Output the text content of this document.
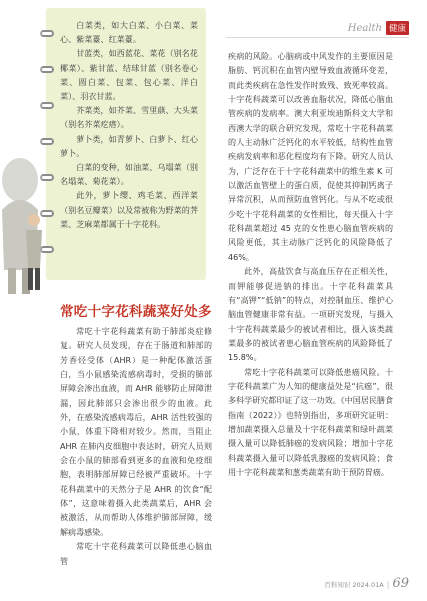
白菜类，如大白菜、小白菜、菜心、紫菜薹、红菜薹。

甘蓝类，如西蓝花、菜花（别名花椰菜）、紫甘蓝、结球甘蓝（别名卷心菜、圆白菜、包菜、包心菜、洋白菜）、羽衣甘蓝。

芥菜类，如芥菜、雪里蕻、大头菜（别名芥菜疙瘩）。

萝卜类，如青萝卜、白萝卜、红心萝卜。

白菜的变种，如油菜、乌塌菜（别名塌菜、菊花菜）。

此外，萝卜缨、鸡毛菜、西洋菜（别名豆瓣菜）以及常被称为野菜的荠菜、芝麻菜都属于十字花科。

Health 健康
常吃十字花科蔬菜好处多

常吃十字花科蔬菜有助于肺部炎症修复。研究人员发现，存在于肠道和肺部的芳香烃受体（AHR）是一种配体激活蛋白，当小鼠感染流感病毒时，受损的肺部屏障会渗出血液，而 AHR 能够防止屏障泄漏，因此肺部只会渗出很少的血液。此外，在感染流感病毒后，AHR 活性较强的小鼠，体重下降相对较少。然而，当阻止 AHR 在肺内皮细胞中表达时，研究人员则会在小鼠的肺部看到更多的血液和免疫细胞，表明肺部屏障已经被严重破坏。十字花科蔬菜中的天然分子是 AHR 的饮食“配体”，这意味着摄入此类蔬菜后，AHR 会被激活，从而帮助人体维护肺部屏障，缓解病毒感染。

常吃十字花科蔬菜可以降低患心脑血管

疾病的风险。心脑病或中风发作的主要原因是脂肪、钙沉积在血管内壁导致血液循环变差，而此类疾病在急性发作时致残、致死率较高。十字花科蔬菜可以改善血脂状况，降低心脑血管疾病的发病率。澳大利亚埃迪斯科文大学和西澳大学的联合研究发现，常吃十字花科蔬菜的人主动脉广泛钙化的水平较低，结构性血管疾病发病率和恶化程度均有下降。研究人员认为，广泛存在于十字花科蔬菜中的维生素 K 可以激活血管壁上的蛋白质，促使其抑制钙离子异常沉积，从而预防血管钙化。与从不吃或很少吃十字花科蔬菜的女性相比，每天摄入十字花科蔬菜超过 45 克的女性患心脑血管疾病的风险更低，其主动脉广泛钙化的风险降低了 46%。

此外，高盐饮食与高血压存在正相关性，而钾能够促进钠的排出。十字花科蔬菜具有“高钾”“低钠”的特点，对控制血压、维护心脑血管健康非常有益。一项研究发现，与摄入十字花科蔬菜最少的被试者相比，摄入该类蔬菜最多的被试者患心脑血管疾病的风险降低了 15.8%。

常吃十字花科蔬菜可以降低患癌风险。十字花科蔬菜广为人知的健康益处是“抗癌”，很多科学研究都印证了这一功效。《中国居民膳食指南（2022）》也特别指出，多项研究证明：增加蔬菜摄入总量及十字花科蔬菜和绿叶蔬菜摄入量可以降低肺癌的发病风险；增加十字花科蔬菜摄入量可以降低乳腺癌的发病风险；食用十字花科蔬菜和葱类蔬菜有助于预防胃癌。

百科知识 2024.01A | 69
